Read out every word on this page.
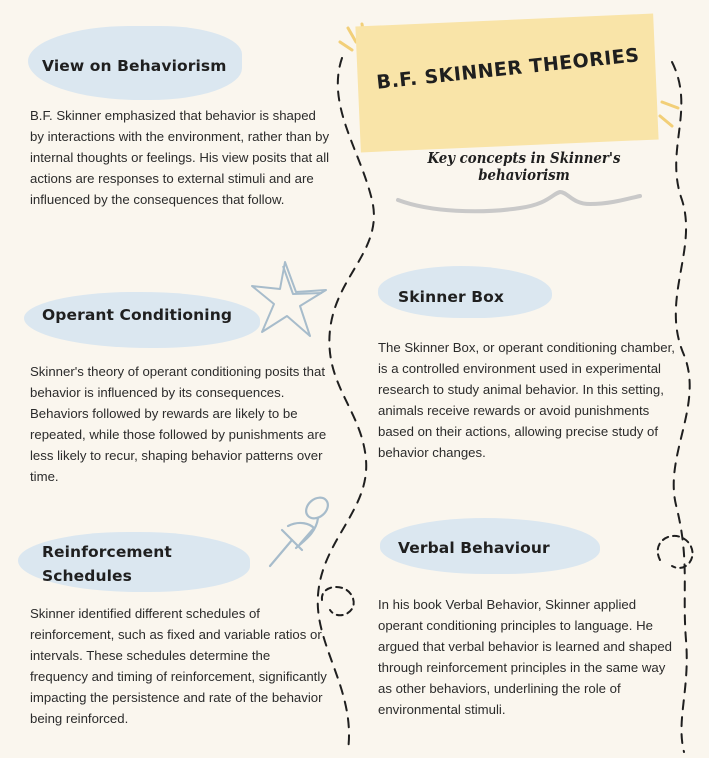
B.F. SKINNER THEORIES
Key concepts in Skinner's behaviorism
View on Behaviorism
B.F. Skinner emphasized that behavior is shaped by interactions with the environment, rather than by internal thoughts or feelings. His view posits that all actions are responses to external stimuli and are influenced by the consequences that follow.
Operant Conditioning
Skinner's theory of operant conditioning posits that behavior is influenced by its consequences. Behaviors followed by rewards are likely to be repeated, while those followed by punishments are less likely to recur, shaping behavior patterns over time.
Reinforcement Schedules
Skinner identified different schedules of reinforcement, such as fixed and variable ratios or intervals. These schedules determine the frequency and timing of reinforcement, significantly impacting the persistence and rate of the behavior being reinforced.
Skinner Box
The Skinner Box, or operant conditioning chamber, is a controlled environment used in experimental research to study animal behavior. In this setting, animals receive rewards or avoid punishments based on their actions, allowing precise study of behavior changes.
Verbal Behaviour
In his book Verbal Behavior, Skinner applied operant conditioning principles to language. He argued that verbal behavior is learned and shaped through reinforcement principles in the same way as other behaviors, underlining the role of environmental stimuli.
